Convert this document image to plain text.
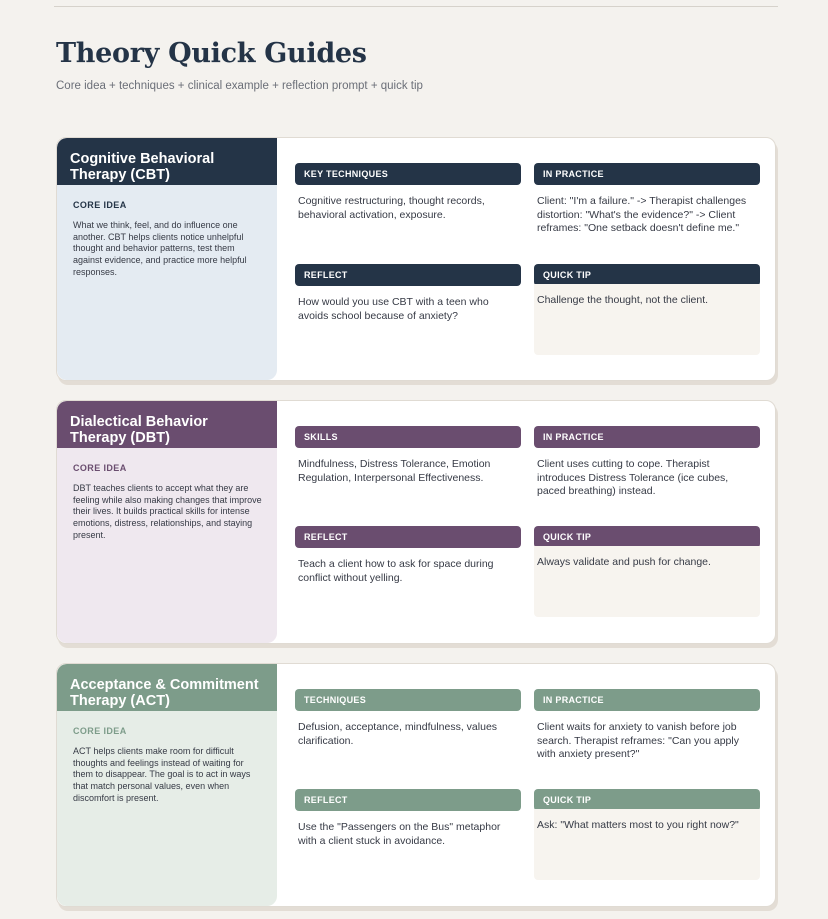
Theory Quick Guides

Core idea + techniques + clinical example + reflection prompt + quick tip

Cognitive Behavioral Therapy (CBT)
CORE IDEA
What we think, feel, and do influence one another. CBT helps clients notice unhelpful thought and behavior patterns, test them against evidence, and practice more helpful responses.
KEY TECHNIQUES
Cognitive restructuring, thought records, behavioral activation, exposure.
IN PRACTICE
Client: "I'm a failure." -> Therapist challenges distortion: "What's the evidence?" -> Client reframes: "One setback doesn't define me."
REFLECT
How would you use CBT with a teen who avoids school because of anxiety?
QUICK TIP
Challenge the thought, not the client.
Dialectical Behavior Therapy (DBT)
CORE IDEA
DBT teaches clients to accept what they are feeling while also making changes that improve their lives. It builds practical skills for intense emotions, distress, relationships, and staying present.
SKILLS
Mindfulness, Distress Tolerance, Emotion Regulation, Interpersonal Effectiveness.
IN PRACTICE
Client uses cutting to cope. Therapist introduces Distress Tolerance (ice cubes, paced breathing) instead.
REFLECT
Teach a client how to ask for space during conflict without yelling.
QUICK TIP
Always validate and push for change.
Acceptance & Commitment Therapy (ACT)
CORE IDEA
ACT helps clients make room for difficult thoughts and feelings instead of waiting for them to disappear. The goal is to act in ways that match personal values, even when discomfort is present.
TECHNIQUES
Defusion, acceptance, mindfulness, values clarification.
IN PRACTICE
Client waits for anxiety to vanish before job search. Therapist reframes: "Can you apply with anxiety present?"
REFLECT
Use the "Passengers on the Bus" metaphor with a client stuck in avoidance.
QUICK TIP
Ask: "What matters most to you right now?"
